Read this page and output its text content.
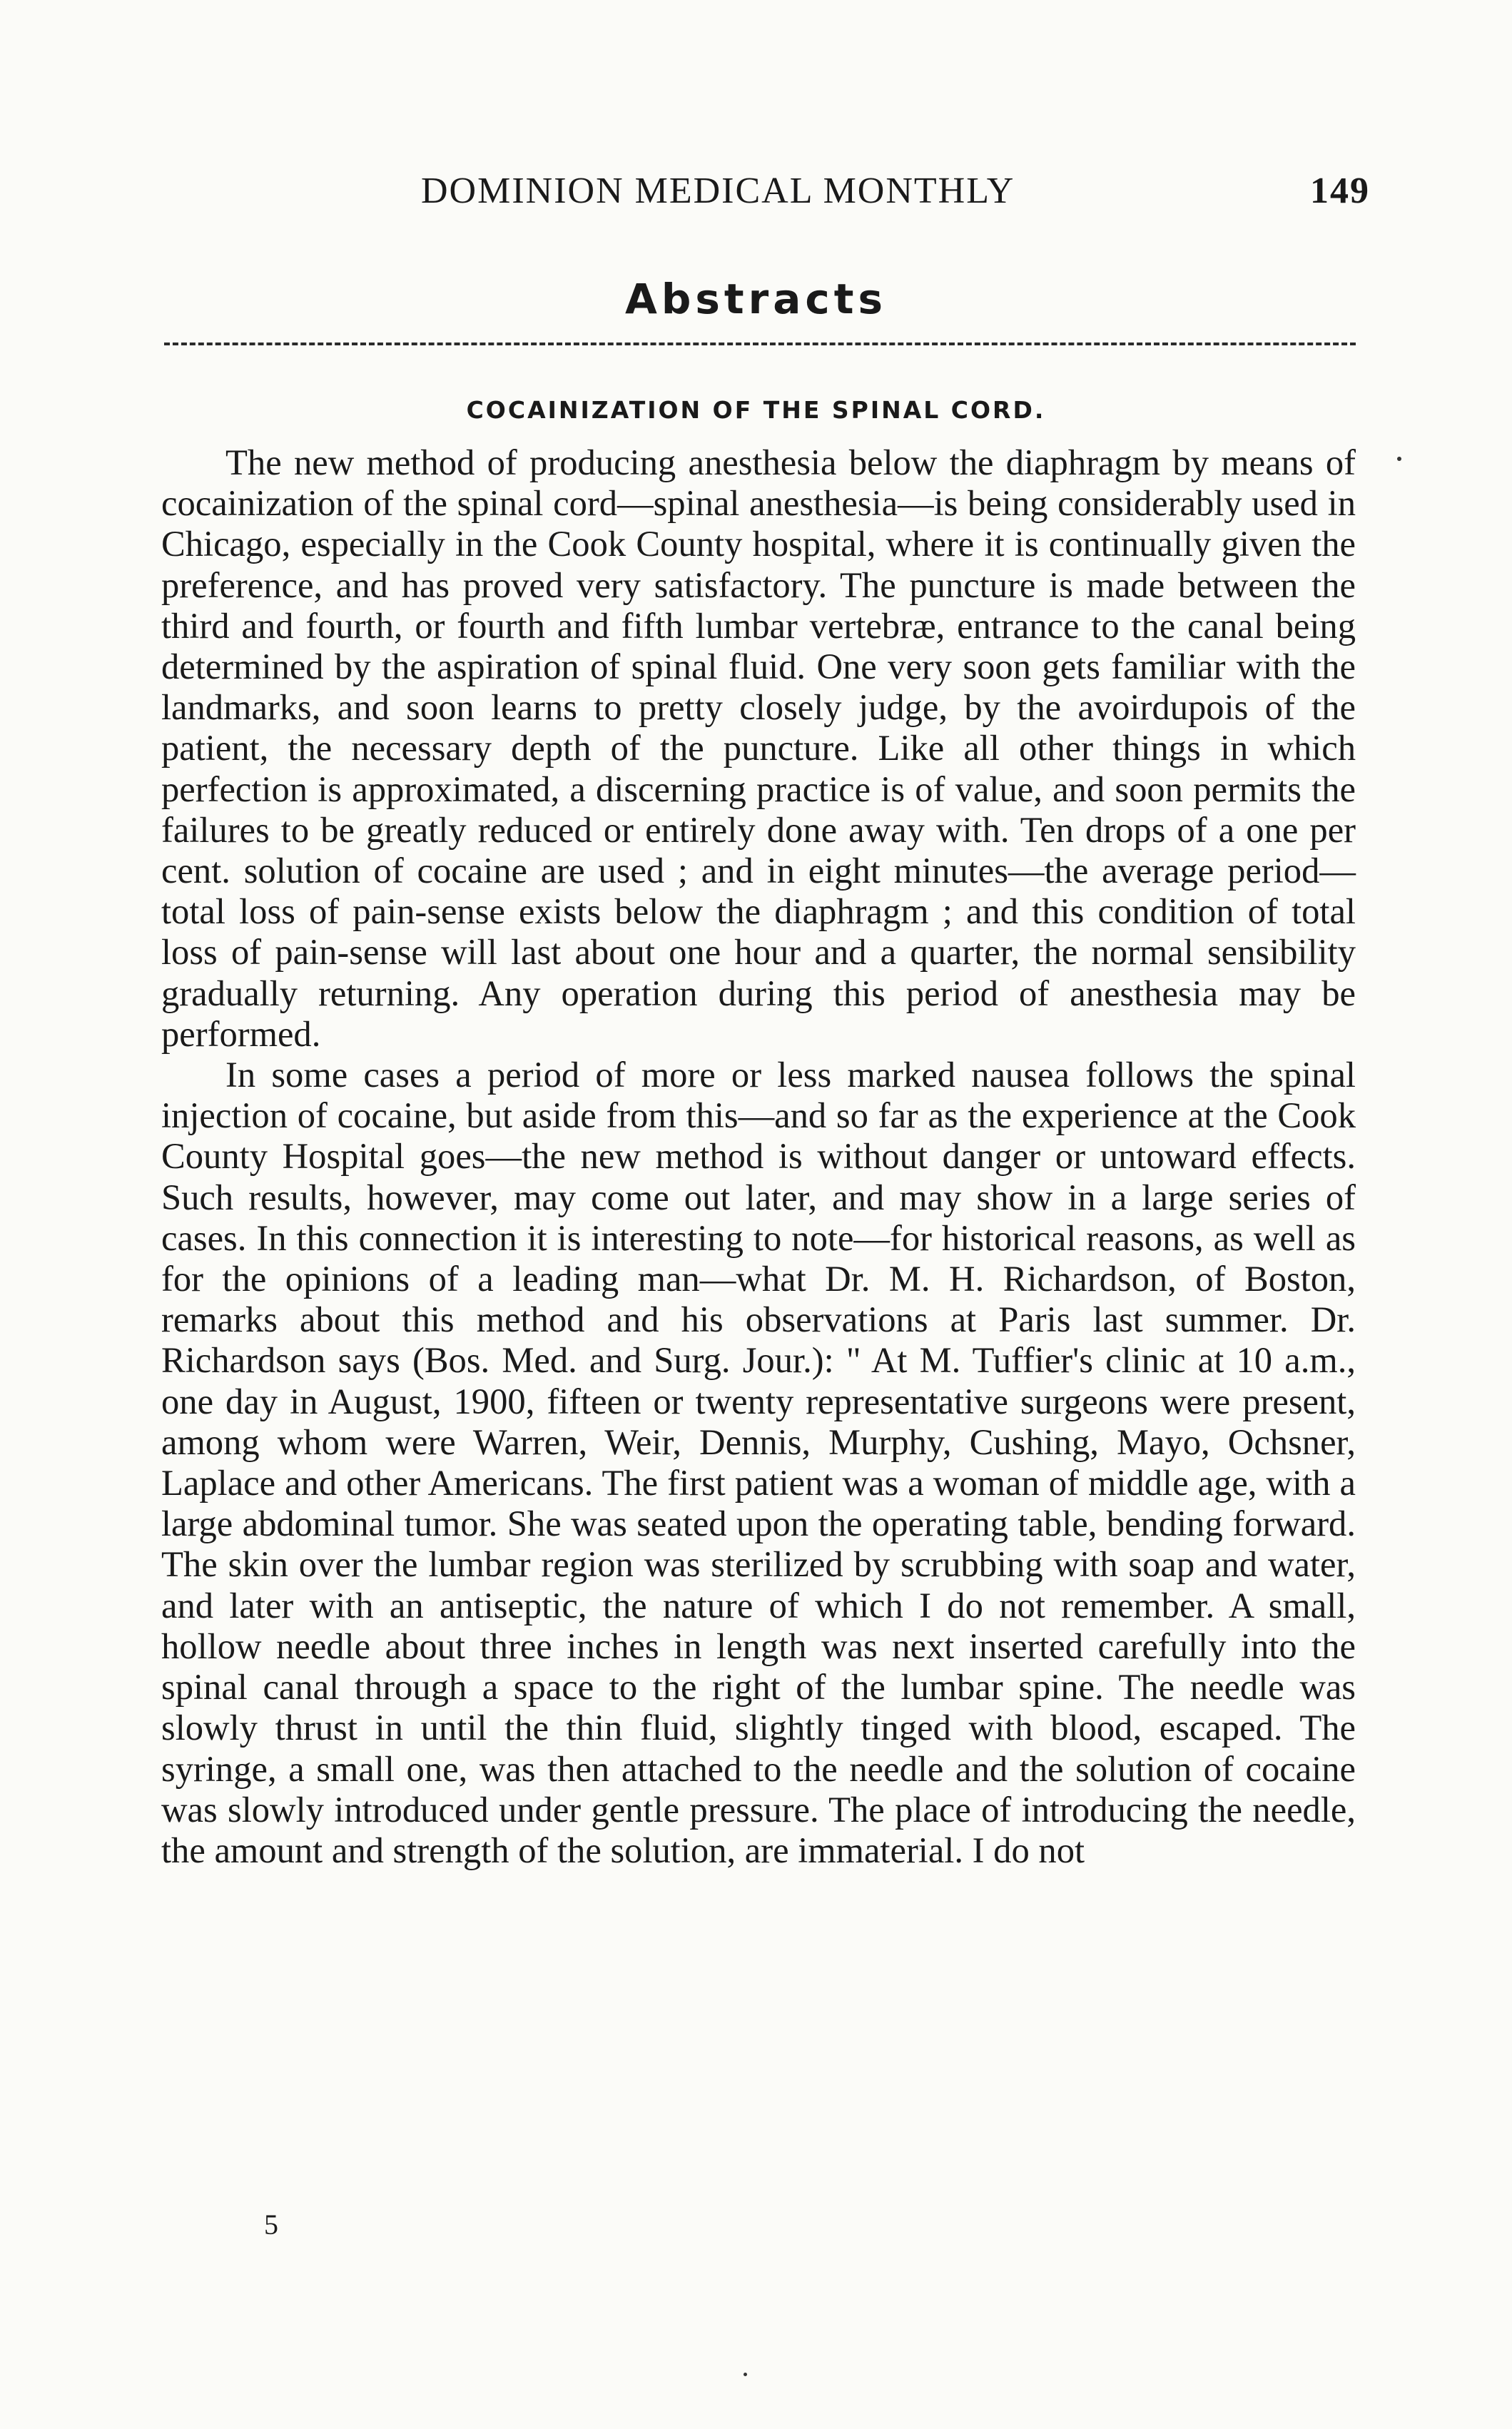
DOMINION MEDICAL MONTHLY	149
Abstracts
COCAINIZATION OF THE SPINAL CORD.

The new method of producing anesthesia below the diaphragm by means of cocainization of the spinal cord—spinal anesthesia—is being considerably used in Chicago, especially in the Cook County hospital, where it is continually given the preference, and has proved very satisfactory. The puncture is made between the third and fourth, or fourth and fifth lumbar vertebræ, entrance to the canal being determined by the aspiration of spinal fluid. One very soon gets familiar with the landmarks, and soon learns to pretty closely judge, by the avoirdupois of the patient, the necessary depth of the puncture. Like all other things in which perfection is approximated, a discerning practice is of value, and soon permits the failures to be greatly reduced or entirely done away with. Ten drops of a one per cent. solution of cocaine are used ; and in eight minutes—the average period—total loss of pain-sense exists below the diaphragm ; and this condition of total loss of pain-sense will last about one hour and a quarter, the normal sensibility gradually returning. Any operation during this period of anesthesia may be performed.

In some cases a period of more or less marked nausea follows the spinal injection of cocaine, but aside from this—and so far as the experience at the Cook County Hospital goes—the new method is without danger or untoward effects. Such results, however, may come out later, and may show in a large series of cases. In this connection it is interesting to note—for historical reasons, as well as for the opinions of a leading man—what Dr. M. H. Richardson, of Boston, remarks about this method and his observations at Paris last summer. Dr. Richardson says (Bos. Med. and Surg. Jour.): " At M. Tuffier's clinic at 10 a.m., one day in August, 1900, fifteen or twenty representative surgeons were present, among whom were Warren, Weir, Dennis, Murphy, Cushing, Mayo, Ochsner, Laplace and other Americans. The first patient was a woman of middle age, with a large abdominal tumor. She was seated upon the operating table, bending forward. The skin over the lumbar region was sterilized by scrubbing with soap and water, and later with an antiseptic, the nature of which I do not remember. A small, hollow needle about three inches in length was next inserted carefully into the spinal canal through a space to the right of the lumbar spine. The needle was slowly thrust in until the thin fluid, slightly tinged with blood, escaped. The syringe, a small one, was then attached to the needle and the solution of cocaine was slowly introduced under gentle pressure. The place of introducing the needle, the amount and strength of the solution, are immaterial. I do not

5
